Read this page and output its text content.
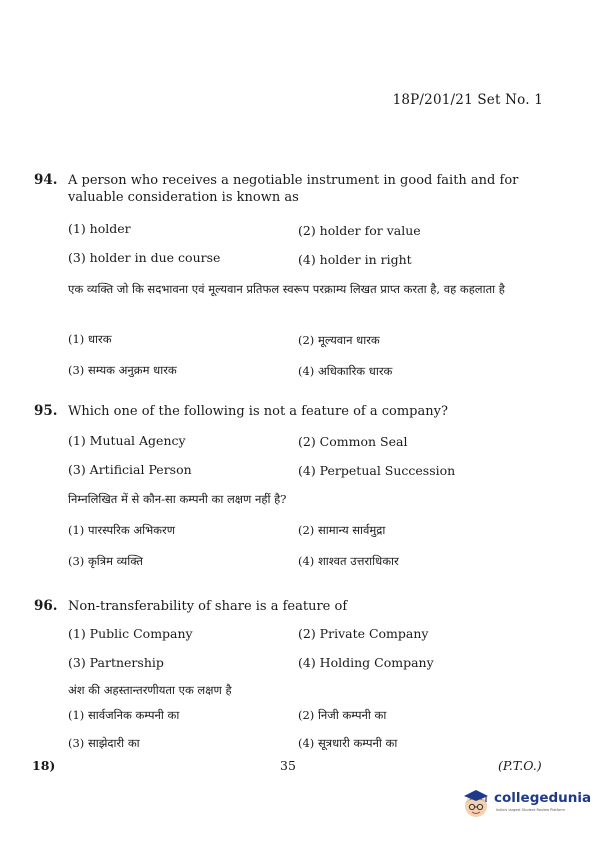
18P/201/21 Set No. 1
94. A person who receives a negotiable instrument in good faith and for valuable consideration is known as
(1) holder	(2) holder for value
(3) holder in due course	(4) holder in right
एक व्यक्ति जो कि सदभावना एवं मूल्यवान प्रतिफल स्वरूप परक्राम्य लिखत प्राप्त करता है, वह कहलाता है
(1) धारक	(2) मूल्यवान धारक
(3) सम्यक अनुक्रम धारक	(4) अधिकारिक धारक
95. Which one of the following is not a feature of a company?
(1) Mutual Agency	(2) Common Seal
(3) Artificial Person	(4) Perpetual Succession
निम्नलिखित में से कौन-सा कम्पनी का लक्षण नहीं है?
(1) पारस्परिक अभिकरण	(2) सामान्य सार्वमुद्रा
(3) कृत्रिम व्यक्ति	(4) शाश्वत उत्तराधिकार
96. Non-transferability of share is a feature of
(1) Public Company	(2) Private Company
(3) Partnership	(4) Holding Company
अंश की अहस्तान्तरणीयता एक लक्षण है
(1) सार्वजनिक कम्पनी का	(2) निजी कम्पनी का
(3) साझेदारी का	(4) सूत्रधारी कम्पनी का
18)	35	(P.T.O.)
collegedunia
India's largest Student Review Platform
